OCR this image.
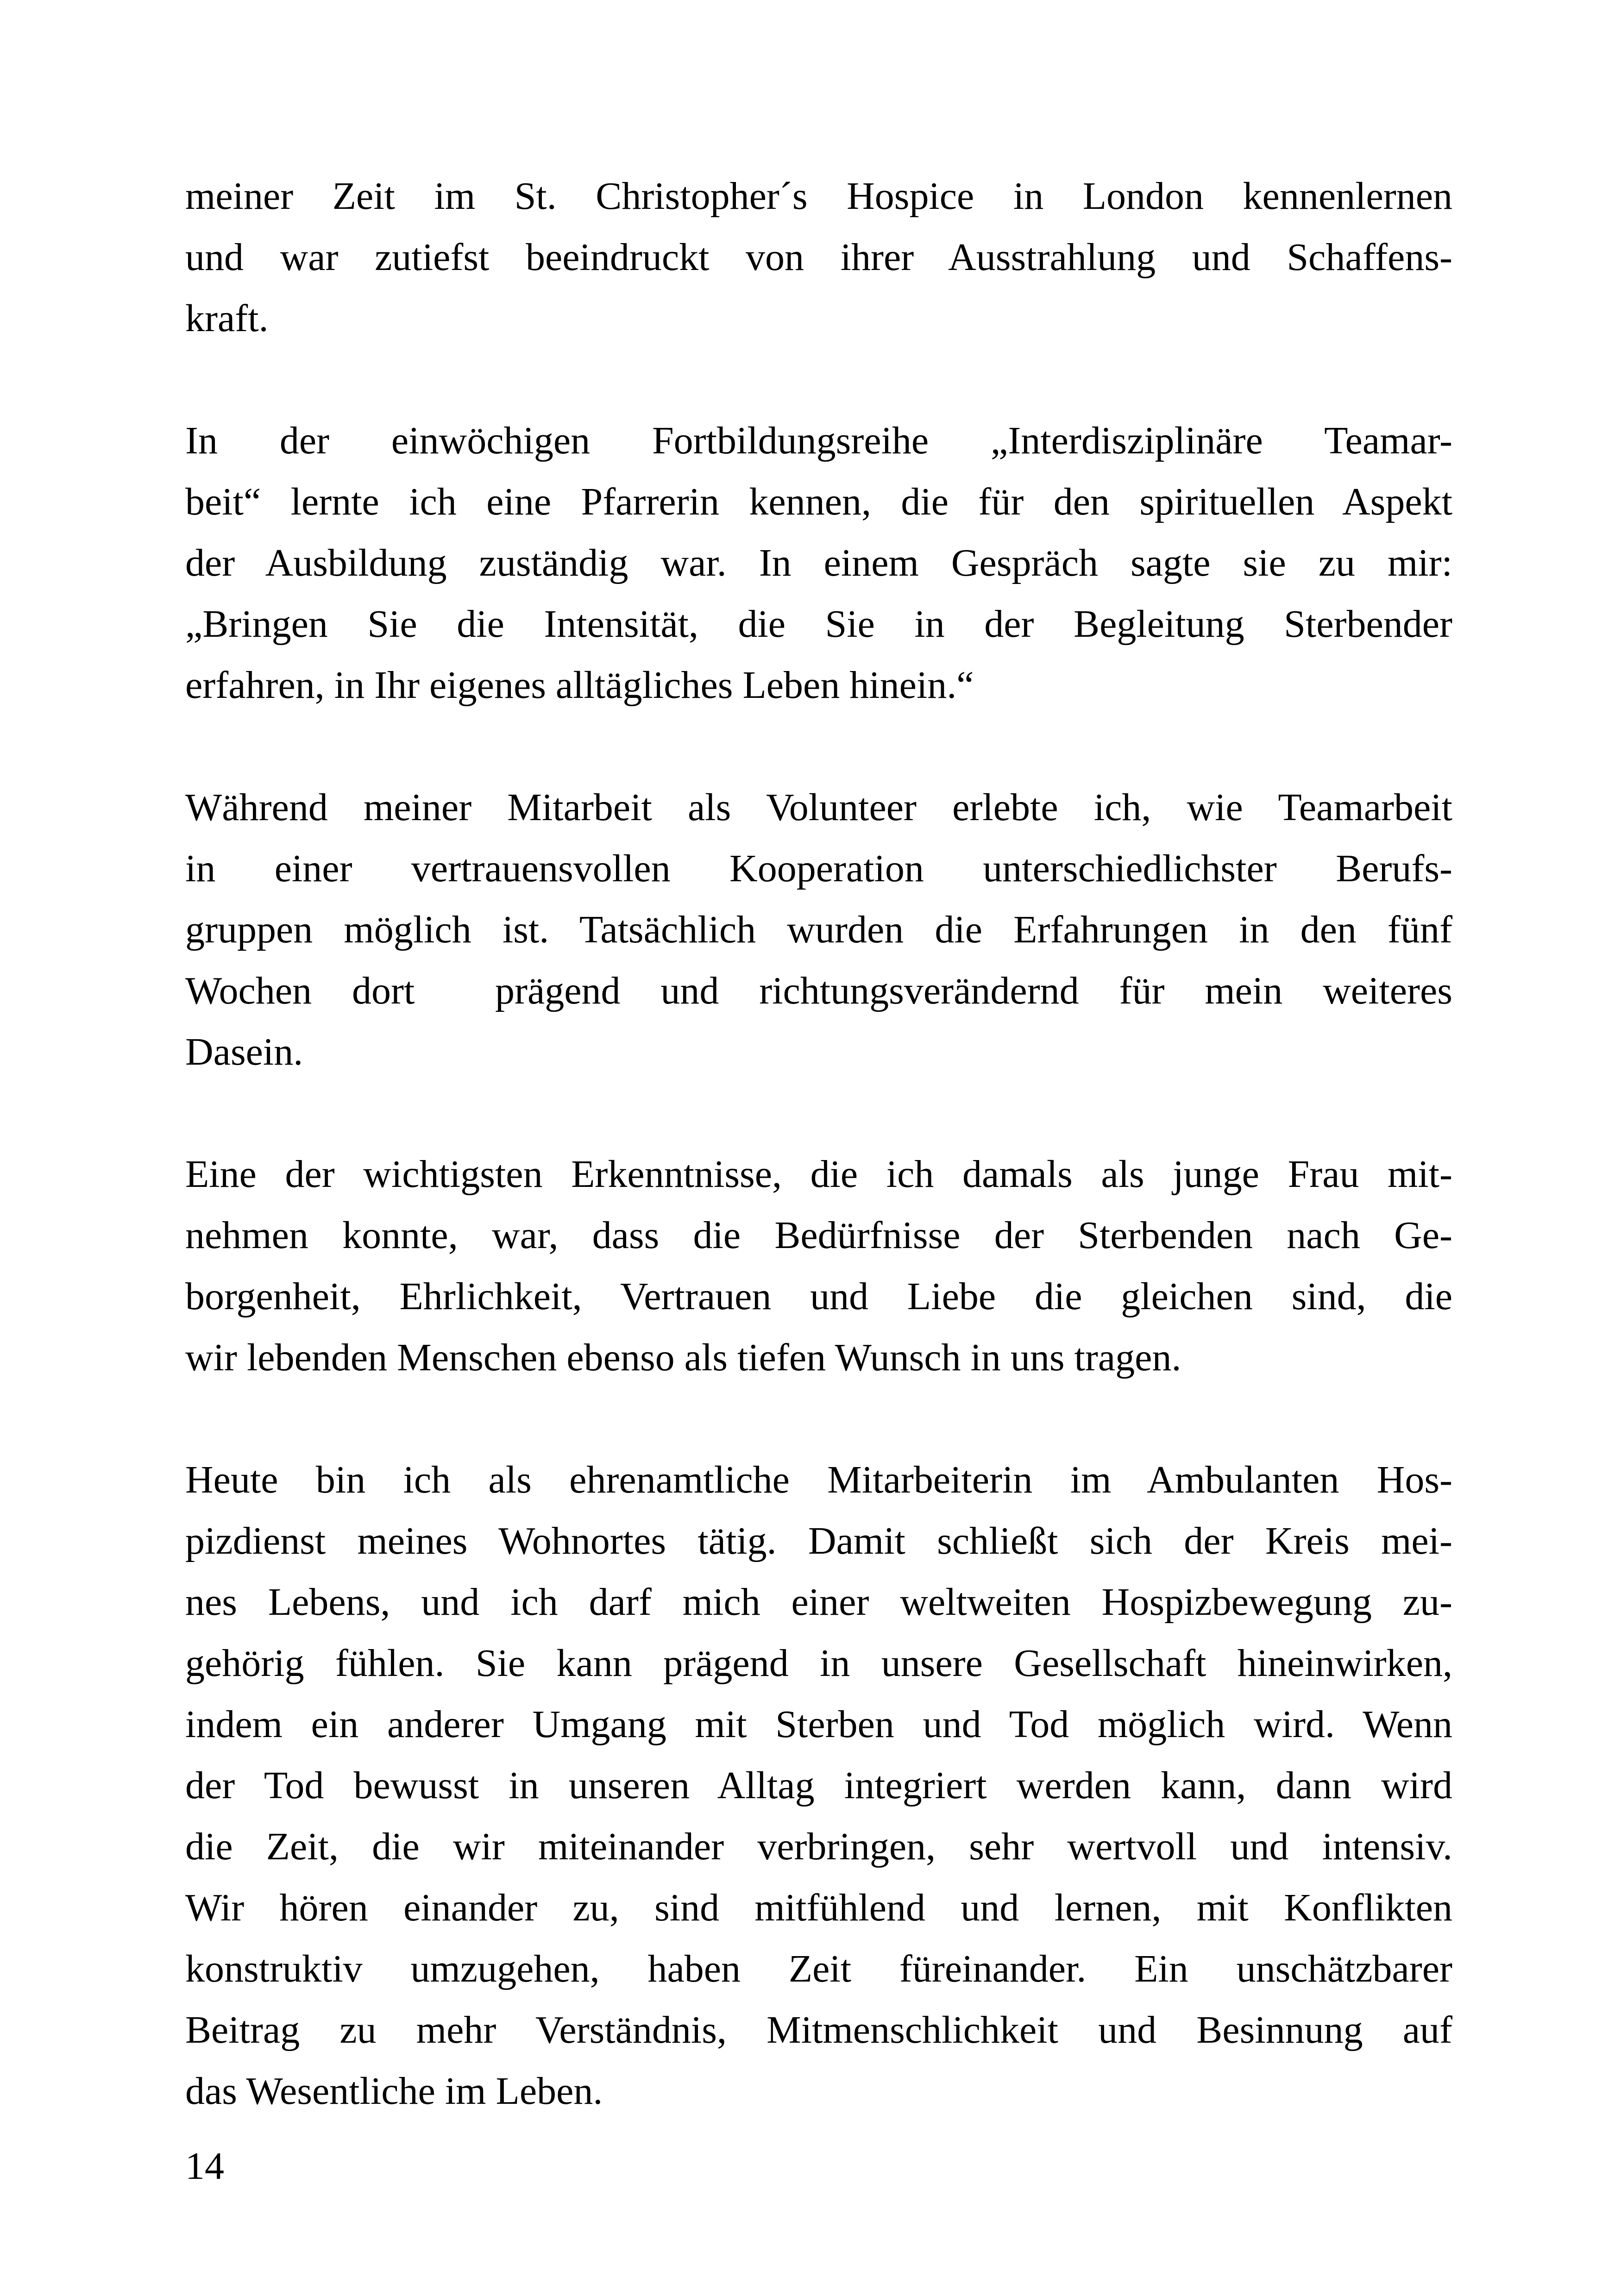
meiner Zeit im St. Christopher´s Hospice in London kennenlernen
und war zutiefst beeindruckt von ihrer Ausstrahlung und Schaffens-
kraft.
In der einwöchigen Fortbildungsreihe „Interdisziplinäre Teamar-
beit“ lernte ich eine Pfarrerin kennen, die für den spirituellen Aspekt
der Ausbildung zuständig war. In einem Gespräch sagte sie zu mir:
„Bringen Sie die Intensität, die Sie in der Begleitung Sterbender
erfahren, in Ihr eigenes alltägliches Leben hinein.“
Während meiner Mitarbeit als Volunteer erlebte ich, wie Teamarbeit
in einer vertrauensvollen Kooperation unterschiedlichster Berufs-
gruppen möglich ist. Tatsächlich wurden die Erfahrungen in den fünf
Wochen dort  prägend und richtungsverändernd für mein weiteres
Dasein.
Eine der wichtigsten Erkenntnisse, die ich damals als junge Frau mit-
nehmen konnte, war, dass die Bedürfnisse der Sterbenden nach Ge-
borgenheit, Ehrlichkeit, Vertrauen und Liebe die gleichen sind, die
wir lebenden Menschen ebenso als tiefen Wunsch in uns tragen.
Heute bin ich als ehrenamtliche Mitarbeiterin im Ambulanten Hos-
pizdienst meines Wohnortes tätig. Damit schließt sich der Kreis mei-
nes Lebens, und ich darf mich einer weltweiten Hospizbewegung zu-
gehörig fühlen. Sie kann prägend in unsere Gesellschaft hineinwirken,
indem ein anderer Umgang mit Sterben und Tod möglich wird. Wenn
der Tod bewusst in unseren Alltag integriert werden kann, dann wird
die Zeit, die wir miteinander verbringen, sehr wertvoll und intensiv.
Wir hören einander zu, sind mitfühlend und lernen, mit Konflikten
konstruktiv umzugehen, haben Zeit füreinander. Ein unschätzbarer
Beitrag zu mehr Verständnis, Mitmenschlichkeit und Besinnung auf
das Wesentliche im Leben.
14
